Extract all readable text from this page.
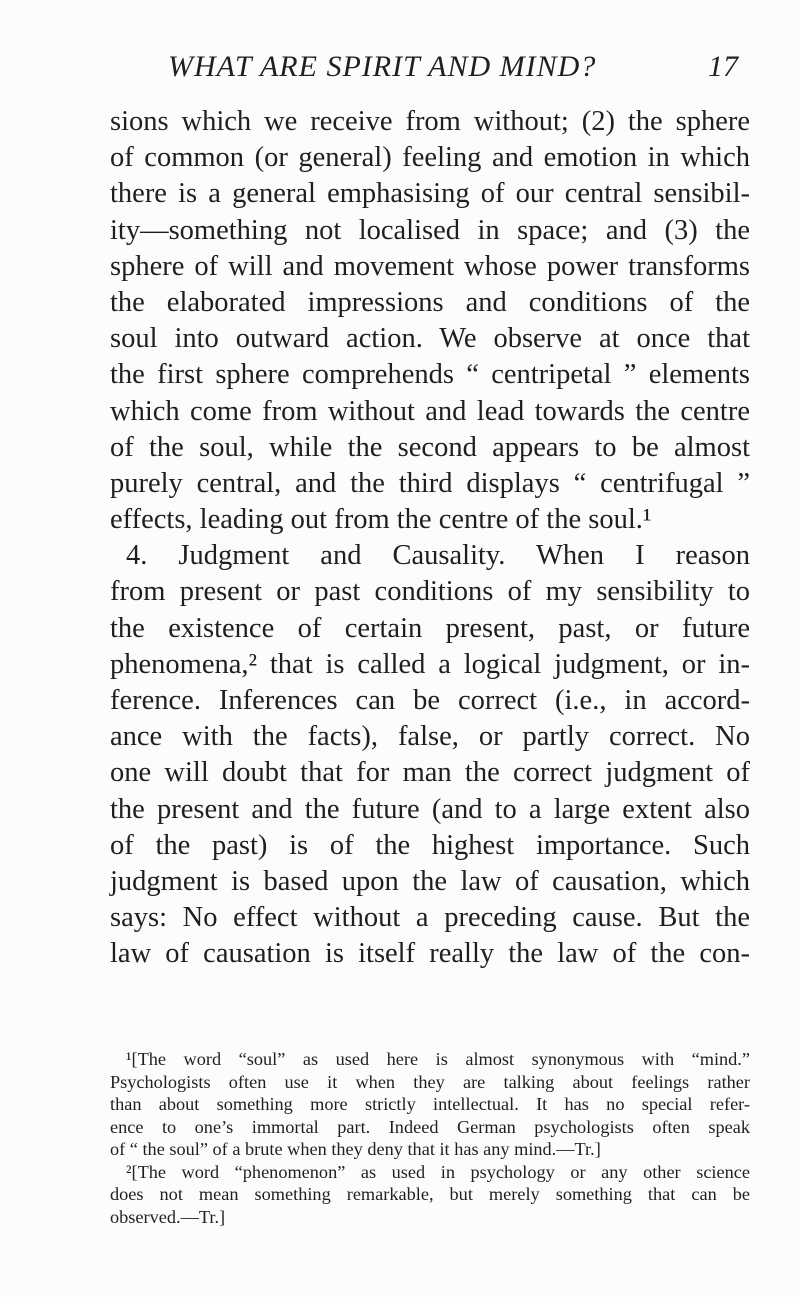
WHAT ARE SPIRIT AND MIND?	17
sions which we receive from without; (2) the sphere
of common (or general) feeling and emotion in which
there is a general emphasising of our central sensibil-
ity—something not localised in space; and (3) the
sphere of will and movement whose power transforms
the elaborated impressions and conditions of the
soul into outward action. We observe at once that
the first sphere comprehends “ centripetal ” elements
which come from without and lead towards the centre
of the soul, while the second appears to be almost
purely central, and the third displays “ centrifugal ”
effects, leading out from the centre of the soul.¹
4. Judgment and Causality. When I reason
from present or past conditions of my sensibility to
the existence of certain present, past, or future
phenomena,² that is called a logical judgment, or in-
ference. Inferences can be correct (i.e., in accord-
ance with the facts), false, or partly correct. No
one will doubt that for man the correct judgment of
the present and the future (and to a large extent also
of the past) is of the highest importance. Such
judgment is based upon the law of causation, which
says: No effect without a preceding cause. But the
law of causation is itself really the law of the con-
¹[The word “soul” as used here is almost synonymous with “mind.”
Psychologists often use it when they are talking about feelings rather
than about something more strictly intellectual. It has no special refer-
ence to one’s immortal part. Indeed German psychologists often speak
of “ the soul” of a brute when they deny that it has any mind.—Tr.]
²[The word “phenomenon” as used in psychology or any other science
does not mean something remarkable, but merely something that can be
observed.—Tr.]
